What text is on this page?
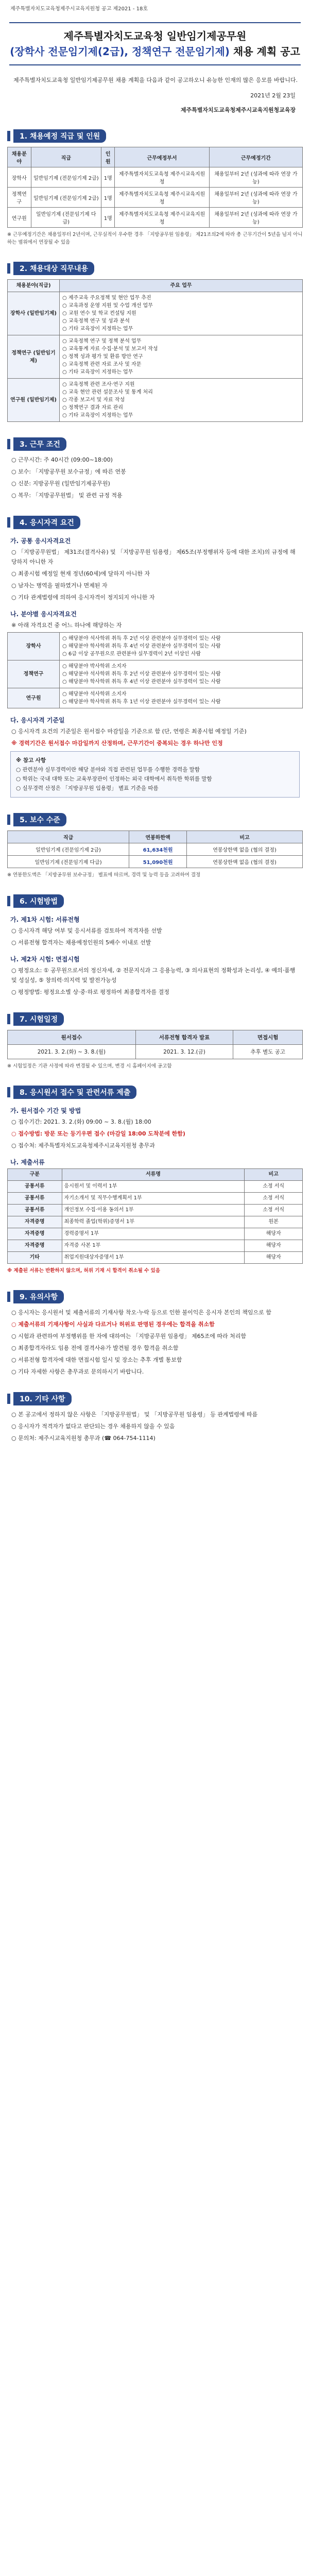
제주특별자치도교육청제주시교육지원청 공고 제2021 - 18호
제주특별자치도교육청 일반임기제공무원
(장학사 전문임기제(2급), 정책연구 전문임기제) 채용 계획 공고
제주특별자치도교육청 일반임기제공무원 채용 계획을 다음과 같이 공고하오니 유능한 인재의 많은 응모를 바랍니다.
2021년 2월 23일
제주특별자치도교육청제주시교육지원청교육장
1. 채용예정 직급 및 인원
채용분야	직급	인원	근무예정부서	근무예정기간
장학사	일반임기제 (전문임기제 2급)	1명	제주특별자치도교육청 제주시교육지원청	채용일부터 2년 (성과에 따라 연장 가능)
정책연구	일반임기제 (전문임기제 2급)	1명	제주특별자치도교육청 제주시교육지원청	채용일부터 2년 (성과에 따라 연장 가능)
연구원	일반임기제 (전문임기제 다급)	1명	제주특별자치도교육청 제주시교육지원청	채용일부터 2년 (성과에 따라 연장 가능)
※ 근무예정기간은 채용일부터 2년이며, 근무실적이 우수한 경우 「지방공무원 임용령」 제21조의2에 따라 총 근무기간이 5년을 넘지 아니하는 범위에서 연장될 수 있음
2. 채용대상 직무내용
채용분야(직급)	주요 업무
장학사 (일반임기제)	○ 제주교육 주요정책 및 현안 업무 추진
○ 교육과정 운영 지원 및 수업 개선 업무
○ 교원 연수 및 학교 컨설팅 지원
○ 교육정책 연구 및 성과 분석
○ 기타 교육장이 지정하는 업무

정책연구 (일반임기제)	○ 교육정책 연구 및 정책 분석 업무
○ 교육통계 자료 수집·분석 및 보고서 작성
○ 정책 성과 평가 및 환류 방안 연구
○ 교육정책 관련 자료 조사 및 자문
○ 기타 교육장이 지정하는 업무

연구원 (일반임기제)	○ 교육정책 관련 조사·연구 지원
○ 교육 현안 관련 설문조사 및 통계 처리
○ 각종 보고서 및 자료 작성
○ 정책연구 결과 자료 관리
○ 기타 교육장이 지정하는 업무
3. 근무 조건
○ 근무시간: 주 40시간 (09:00~18:00)
○ 보수: 「지방공무원 보수규정」에 따른 연봉
○ 신분: 지방공무원 (일반임기제공무원)
○ 복무: 「지방공무원법」 및 관련 규정 적용
4. 응시자격 요건
가. 공통 응시자격요건
○ 「지방공무원법」 제31조(결격사유) 및 「지방공무원 임용령」 제65조(부정행위자 등에 대한 조치)의 규정에 해당하지 아니한 자
○ 최종시험 예정일 현재 정년(60세)에 달하지 아니한 자
○ 남자는 병역을 필하였거나 면제된 자
○ 기타 관계법령에 의하여 응시자격이 정지되지 아니한 자
나. 분야별 응시자격요건
※ 아래 자격요건 중 어느 하나에 해당하는 자
장학사	○ 해당분야 석사학위 취득 후 2년 이상 관련분야 실무경력이 있는 사람
○ 해당분야 학사학위 취득 후 4년 이상 관련분야 실무경력이 있는 사람
○ 6급 이상 공무원으로 관련분야 실무경력이 2년 이상인 사람

정책연구	○ 해당분야 박사학위 소지자
○ 해당분야 석사학위 취득 후 2년 이상 관련분야 실무경력이 있는 사람
○ 해당분야 학사학위 취득 후 4년 이상 관련분야 실무경력이 있는 사람

연구원	○ 해당분야 석사학위 소지자
○ 해당분야 학사학위 취득 후 1년 이상 관련분야 실무경력이 있는 사람
다. 응시자격 기준일
○ 응시자격 요건의 기준일은 원서접수 마감일을 기준으로 함 (단, 연령은 최종시험 예정일 기준)
※ 경력기간은 원서접수 마감일까지 산정하며, 근무기간이 중복되는 경우 하나만 인정
※ 참고 사항
○ 관련분야 실무경력이란 해당 분야와 직접 관련된 업무를 수행한 경력을 말함
○ 학위는 국내 대학 또는 교육부장관이 인정하는 외국 대학에서 취득한 학위를 말함
○ 실무경력 산정은 「지방공무원 임용령」 별표 기준을 따름
5. 보수 수준
직급	연봉하한액	비고
일반임기제 (전문임기제 2급)	61,634천원	연봉상한액 없음 (협의 결정)
일반임기제 (전문임기제 다급)	51,090천원	연봉상한액 없음 (협의 결정)
※ 연봉한도액은 「지방공무원 보수규정」 별표에 따르며, 경력 및 능력 등을 고려하여 결정
6. 시험방법
가. 제1차 시험: 서류전형
○ 응시자격 해당 여부 및 응시서류를 검토하여 적격자를 선발
○ 서류전형 합격자는 채용예정인원의 5배수 이내로 선발
나. 제2차 시험: 면접시험
○ 평정요소: ① 공무원으로서의 정신자세, ② 전문지식과 그 응용능력, ③ 의사표현의 정확성과 논리성, ④ 예의·품행 및 성실성, ⑤ 창의력·의지력 및 발전가능성
○ 평정방법: 평정요소별 상·중·하로 평정하여 최종합격자를 결정
7. 시험일정
원서접수	서류전형 합격자 발표	면접시험
2021. 3. 2.(화) ~ 3. 8.(월)	2021. 3. 12.(금)	추후 별도 공고
※ 시험일정은 기관 사정에 따라 변경될 수 있으며, 변경 시 홈페이지에 공고함
8. 응시원서 접수 및 관련서류 제출
가. 원서접수 기간 및 방법
○ 접수기간: 2021. 3. 2.(화) 09:00 ~ 3. 8.(월) 18:00
○ 접수방법: 방문 또는 등기우편 접수 (마감일 18:00 도착분에 한함)
○ 접수처: 제주특별자치도교육청제주시교육지원청 총무과
나. 제출서류
구분	서류명	비고
공통서류	응시원서 및 이력서 1부	소정 서식
공통서류	자기소개서 및 직무수행계획서 1부	소정 서식
공통서류	개인정보 수집·이용 동의서 1부	소정 서식
자격증명	최종학력 졸업(학위)증명서 1부	원본
자격증명	경력증명서 1부	해당자
자격증명	자격증 사본 1부	해당자
기타	취업지원대상자증명서 1부	해당자
※ 제출된 서류는 반환하지 않으며, 허위 기재 시 합격이 취소될 수 있음
9. 유의사항
○ 응시자는 응시원서 및 제출서류의 기재사항 착오·누락 등으로 인한 불이익은 응시자 본인의 책임으로 함
○ 제출서류의 기재사항이 사실과 다르거나 허위로 판명된 경우에는 합격을 취소함
○ 시험과 관련하여 부정행위를 한 자에 대하여는 「지방공무원 임용령」 제65조에 따라 처리함
○ 최종합격자라도 임용 전에 결격사유가 발견될 경우 합격을 취소함
○ 서류전형 합격자에 대한 면접시험 일시 및 장소는 추후 개별 통보함
○ 기타 자세한 사항은 총무과로 문의하시기 바랍니다.
10. 기타 사항
○ 본 공고에서 정하지 않은 사항은 「지방공무원법」 및 「지방공무원 임용령」 등 관계법령에 따름
○ 응시자가 적격자가 없다고 판단되는 경우 채용하지 않을 수 있음
○ 문의처: 제주시교육지원청 총무과 (☎ 064-754-1114)
